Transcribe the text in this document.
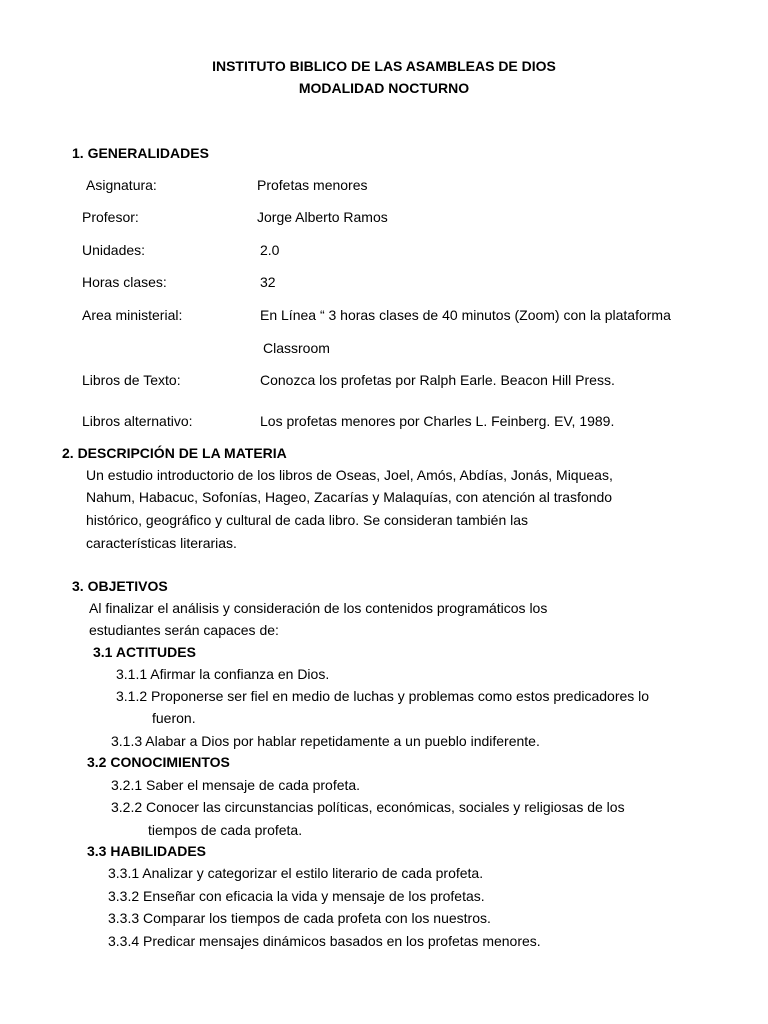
INSTITUTO BIBLICO DE LAS ASAMBLEAS DE DIOS
MODALIDAD NOCTURNO
1. GENERALIDADES
Asignatura:	Profetas menores
Profesor:	Jorge Alberto Ramos
Unidades:	2.0
Horas clases:	32
Area ministerial:	En Línea “ 3 horas clases de 40 minutos (Zoom) con la plataforma
Classroom
Libros de Texto:	Conozca los profetas por Ralph Earle. Beacon Hill Press.
Libros alternativo:	Los profetas menores por Charles L. Feinberg. EV, 1989.
2. DESCRIPCIÓN DE LA MATERIA
Un estudio introductorio de los libros de Oseas, Joel, Amós, Abdías, Jonás, Miqueas,
Nahum, Habacuc, Sofonías, Hageo, Zacarías y Malaquías, con atención al trasfondo
histórico, geográfico y cultural de cada libro. Se consideran también las
características literarias.
3. OBJETIVOS
Al finalizar el análisis y consideración de los contenidos programáticos los
estudiantes serán capaces de:
3.1 ACTITUDES
3.1.1 Afirmar la confianza en Dios.
3.1.2 Proponerse ser fiel en medio de luchas y problemas como estos predicadores lo
fueron.
3.1.3 Alabar a Dios por hablar repetidamente a un pueblo indiferente.
3.2 CONOCIMIENTOS
3.2.1 Saber el mensaje de cada profeta.
3.2.2 Conocer las circunstancias políticas, económicas, sociales y religiosas de los
tiempos de cada profeta.
3.3 HABILIDADES
3.3.1 Analizar y categorizar el estilo literario de cada profeta.
3.3.2 Enseñar con eficacia la vida y mensaje de los profetas.
3.3.3 Comparar los tiempos de cada profeta con los nuestros.
3.3.4 Predicar mensajes dinámicos basados en los profetas menores.
